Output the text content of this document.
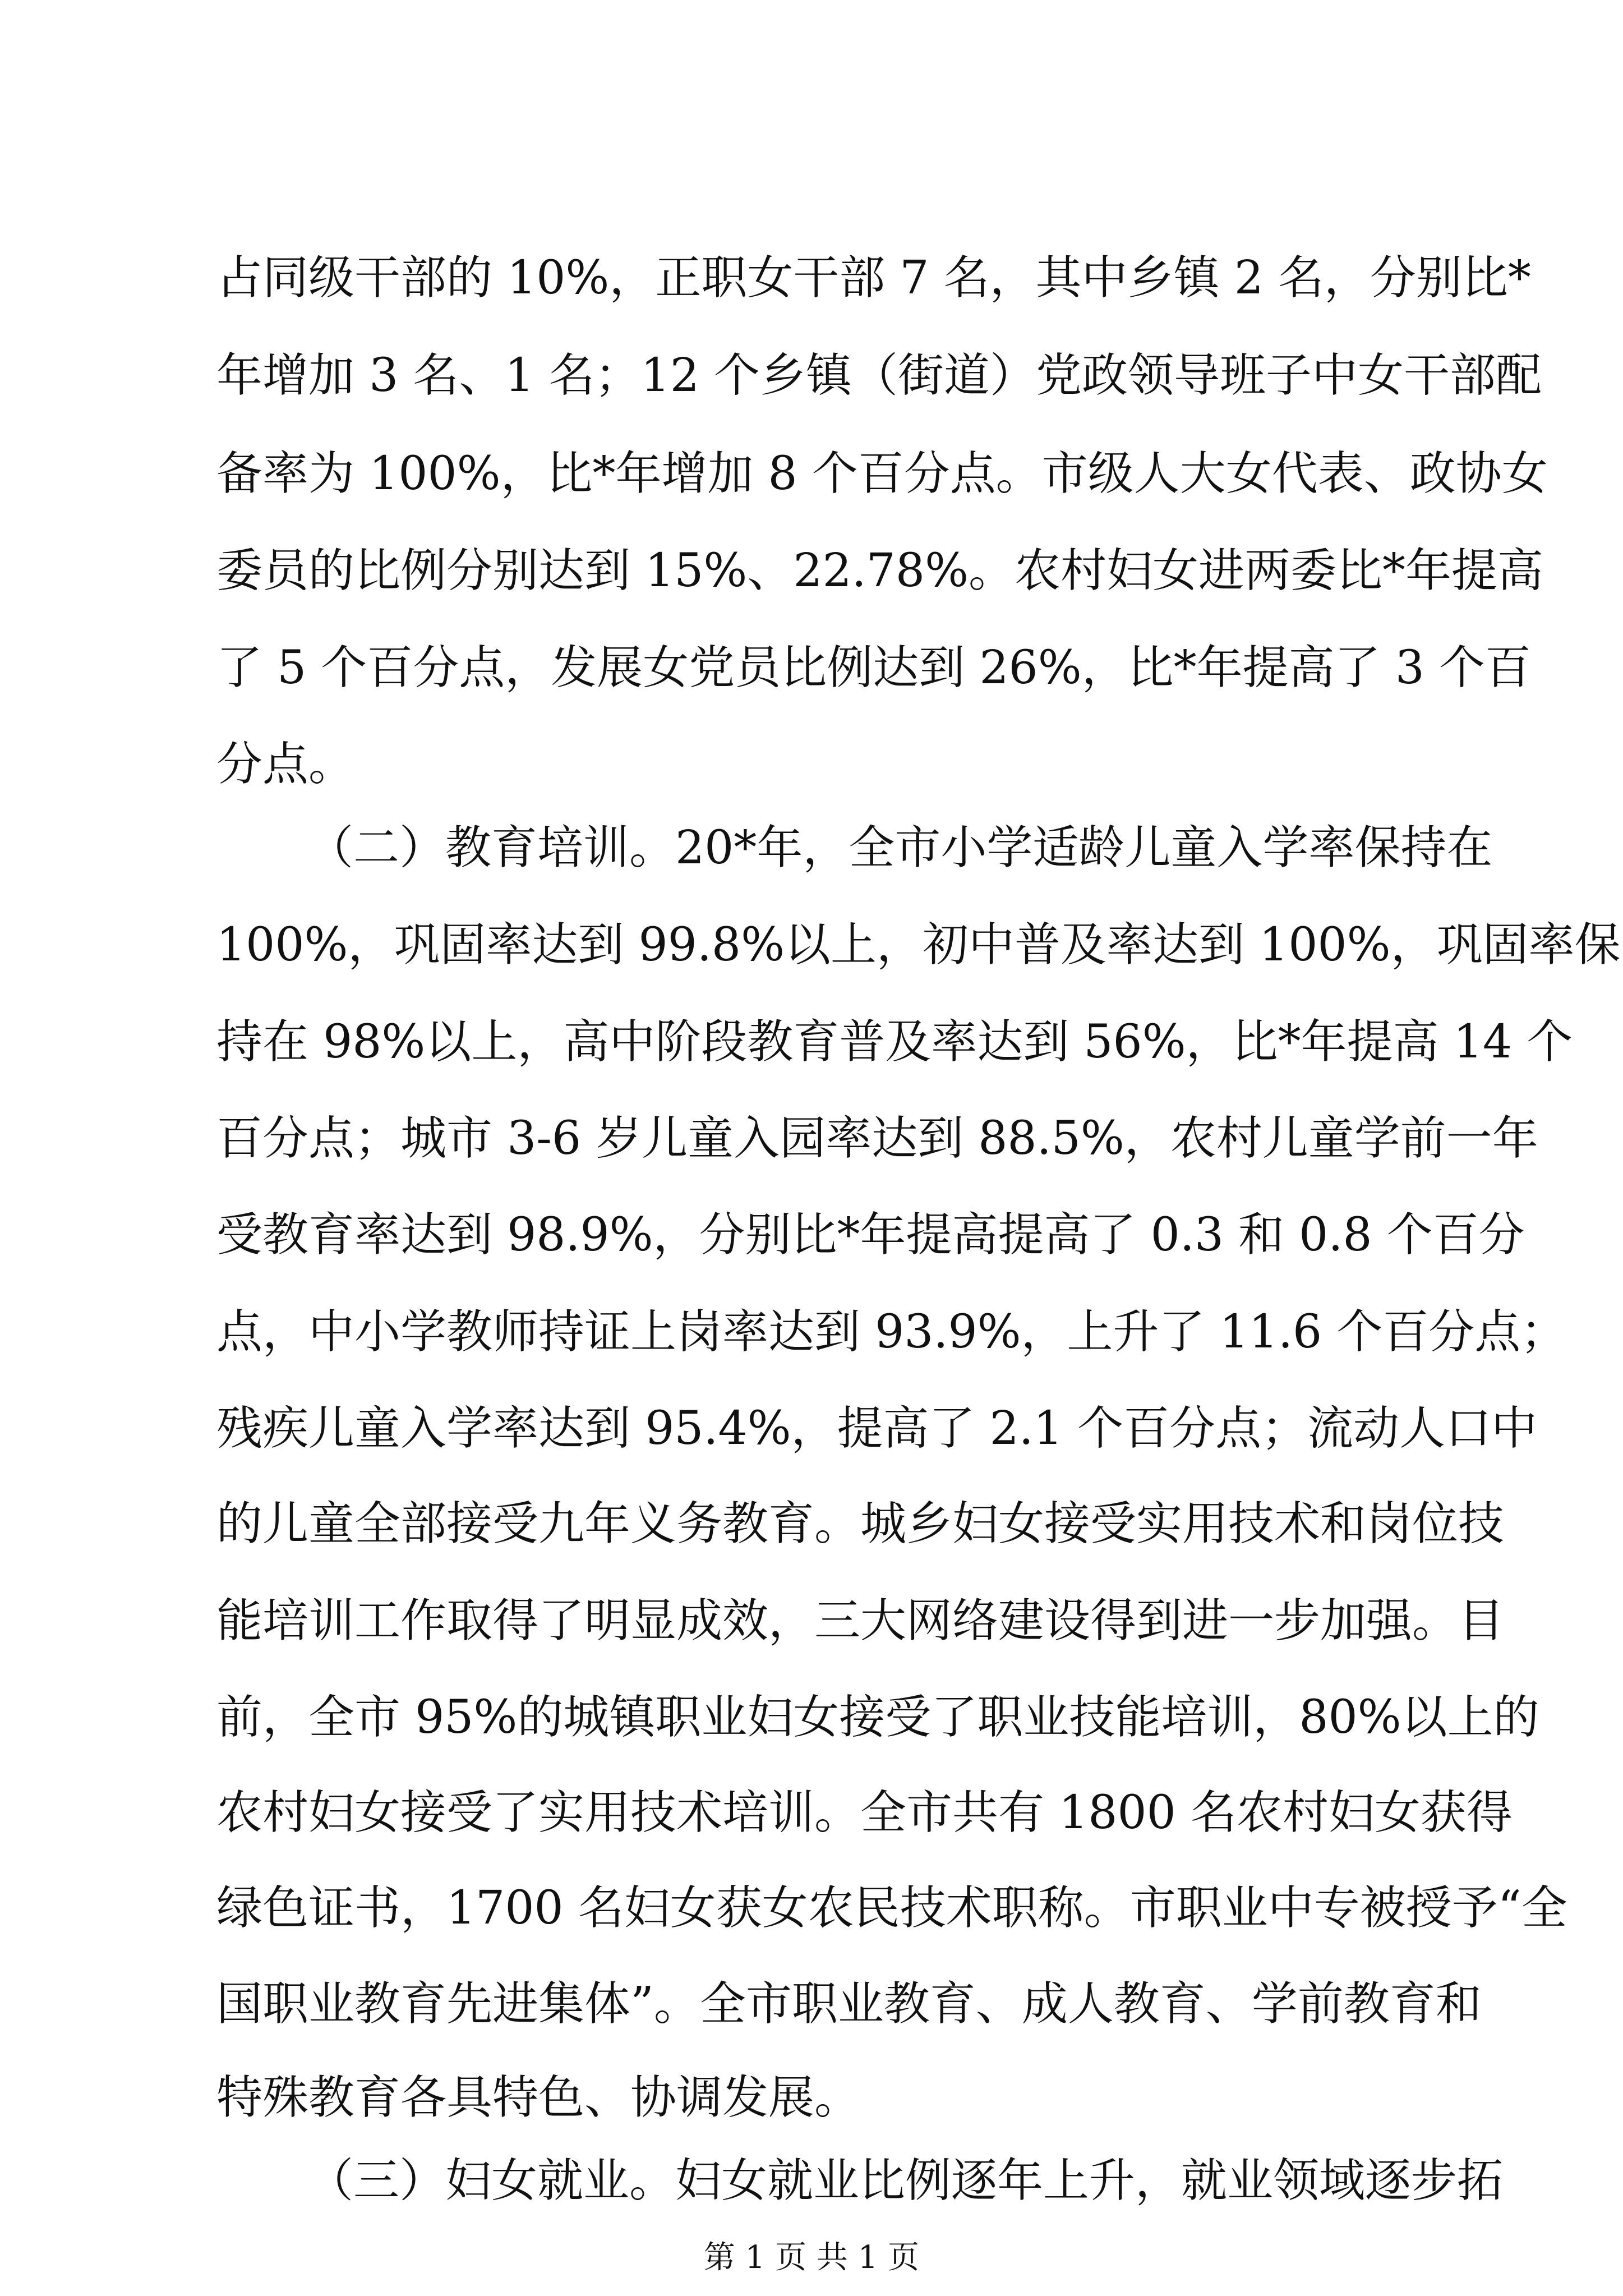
占同级干部的 10%，正职女干部 7 名，其中乡镇 2 名，分别比*
年增加 3 名、1 名；12 个乡镇（街道）党政领导班子中女干部配
备率为 100%，比*年增加 8 个百分点。市级人大女代表、政协女
委员的比例分别达到 15%、22.78%。农村妇女进两委比*年提高
了 5 个百分点，发展女党员比例达到 26%，比*年提高了 3 个百
分点。
（二）教育培训。20*年，全市小学适龄儿童入学率保持在
100%，巩固率达到 99.8%以上，初中普及率达到 100%，巩固率保
持在 98%以上，高中阶段教育普及率达到 56%，比*年提高 14 个
百分点；城市 3-6 岁儿童入园率达到 88.5%，农村儿童学前一年
受教育率达到 98.9%，分别比*年提高提高了 0.3 和 0.8 个百分
点，中小学教师持证上岗率达到 93.9%，上升了 11.6 个百分点；
残疾儿童入学率达到 95.4%，提高了 2.1 个百分点；流动人口中
的儿童全部接受九年义务教育。城乡妇女接受实用技术和岗位技
能培训工作取得了明显成效，三大网络建设得到进一步加强。目
前，全市 95%的城镇职业妇女接受了职业技能培训，80%以上的
农村妇女接受了实用技术培训。全市共有 1800 名农村妇女获得
绿色证书，1700 名妇女获女农民技术职称。市职业中专被授予“全
国职业教育先进集体”。全市职业教育、成人教育、学前教育和
特殊教育各具特色、协调发展。
（三）妇女就业。妇女就业比例逐年上升，就业领域逐步拓
第 1 页 共 1 页
